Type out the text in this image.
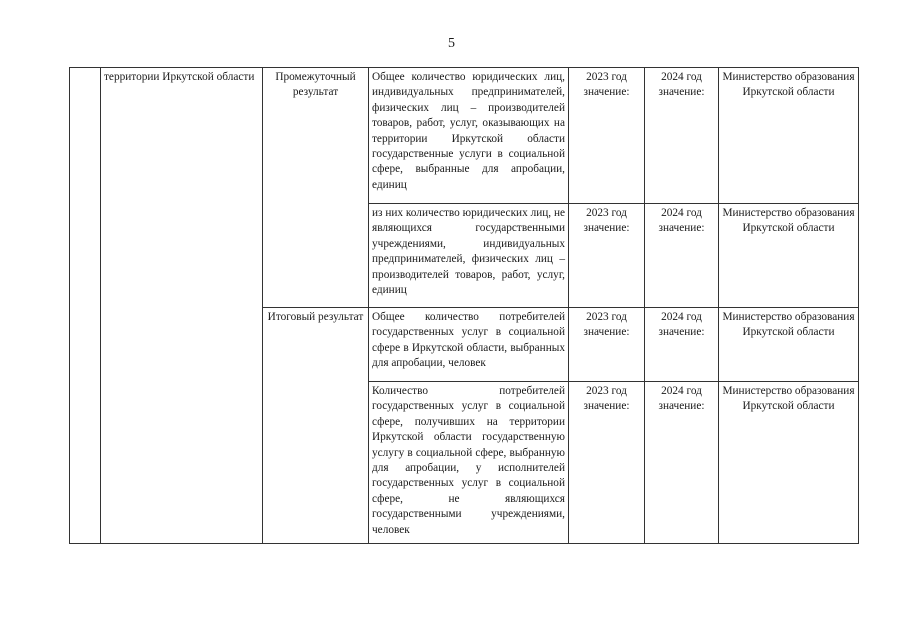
5
	территории Иркутской области	Промежуточный результат	Общее количество юридических лиц, индивидуальных предпринимателей, физических лиц – производителей товаров, работ, услуг, оказывающих на территории Иркутской области государственные услуги в социальной сфере, выбранные для апробации, единиц	2023 год значение:	2024 год значение:	Министерство образования Иркутской области
			из них количество юридических лиц, не являющихся государственными учреждениями, индивидуальных предпринимателей, физических лиц – производителей товаров, работ, услуг, единиц	2023 год значение:	2024 год значение:	Министерство образования Иркутской области
		Итоговый результат	Общее количество потребителей государственных услуг в социальной сфере в Иркутской области, выбранных для апробации, человек	2023 год значение:	2024 год значение:	Министерство образования Иркутской области
			Количество потребителей государственных услуг в социальной сфере, получивших на территории Иркутской области государственную услугу в социальной сфере, выбранную для апробации, у исполнителей государственных услуг в социальной сфере, не являющихся государственными учреждениями, человек	2023 год значение:	2024 год значение:	Министерство образования Иркутской области
